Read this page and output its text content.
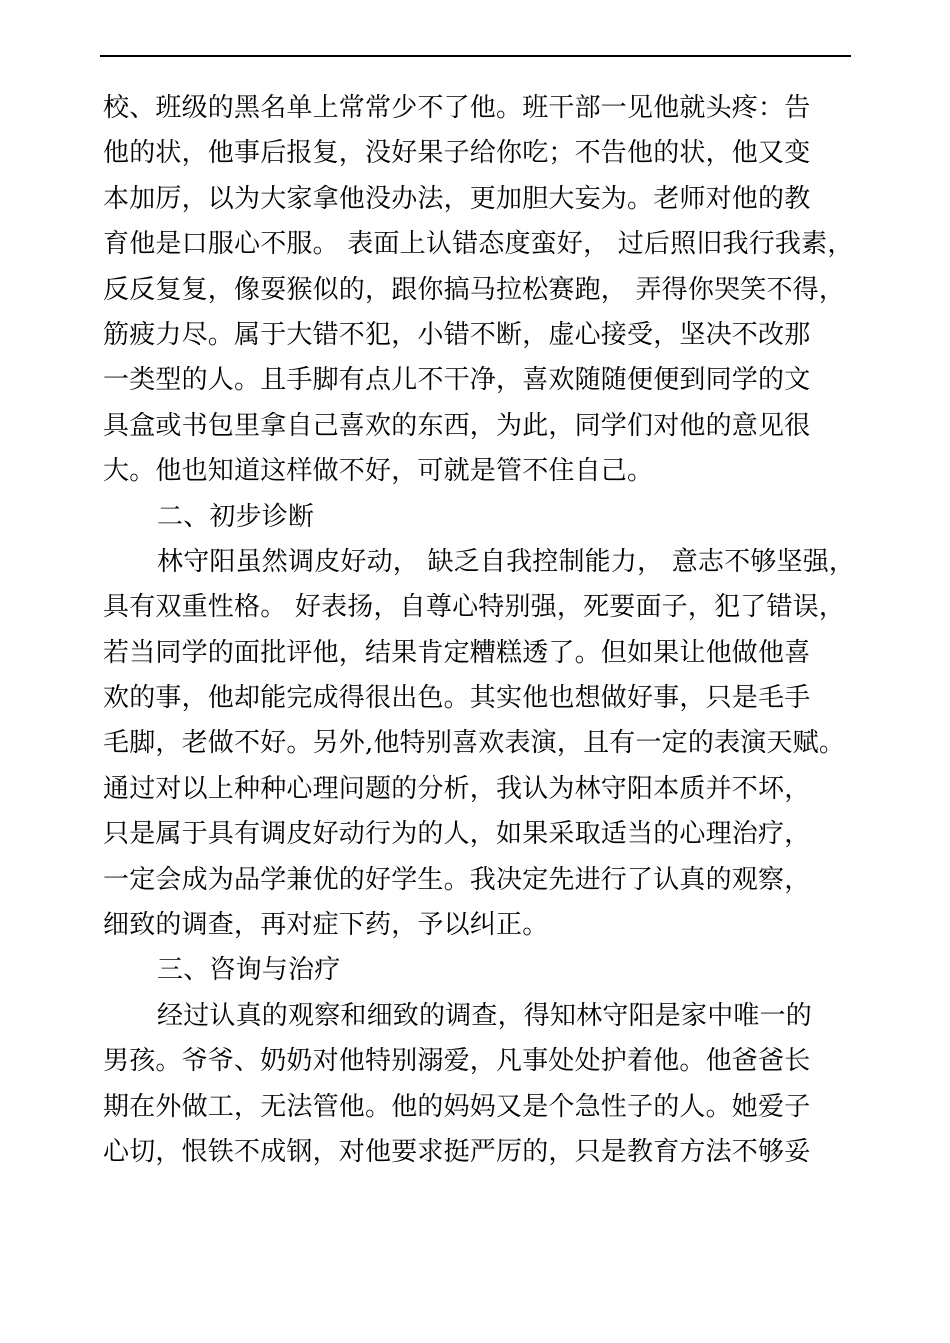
校、班级的黑名单上常常少不了他。班干部一见他就头疼：告
他的状，他事后报复，没好果子给你吃；不告他的状，他又变
本加厉，以为大家拿他没办法，更加胆大妄为。老师对他的教
育他是口服心不服。 表面上认错态度蛮好， 过后照旧我行我素，
反反复复，像耍猴似的，跟你搞马拉松赛跑， 弄得你哭笑不得，
筋疲力尽。属于大错不犯，小错不断，虚心接受，坚决不改那
一类型的人。且手脚有点儿不干净，喜欢随随便便到同学的文
具盒或书包里拿自己喜欢的东西，为此，同学们对他的意见很
大。他也知道这样做不好，可就是管不住自己。
二、初步诊断
林守阳虽然调皮好动， 缺乏自我控制能力， 意志不够坚强，
具有双重性格。 好表扬，自尊心特别强，死要面子，犯了错误，
若当同学的面批评他，结果肯定糟糕透了。但如果让他做他喜
欢的事，他却能完成得很出色。其实他也想做好事，只是毛手
毛脚，老做不好。另外,他特别喜欢表演，且有一定的表演天赋。
通过对以上种种心理问题的分析，我认为林守阳本质并不坏，
只是属于具有调皮好动行为的人，如果采取适当的心理治疗，
一定会成为品学兼优的好学生。我决定先进行了认真的观察，
细致的调查，再对症下药，予以纠正。
三、咨询与治疗
经过认真的观察和细致的调查，得知林守阳是家中唯一的
男孩。爷爷、奶奶对他特别溺爱，凡事处处护着他。他爸爸长
期在外做工，无法管他。他的妈妈又是个急性子的人。她爱子
心切，恨铁不成钢，对他要求挺严厉的，只是教育方法不够妥
